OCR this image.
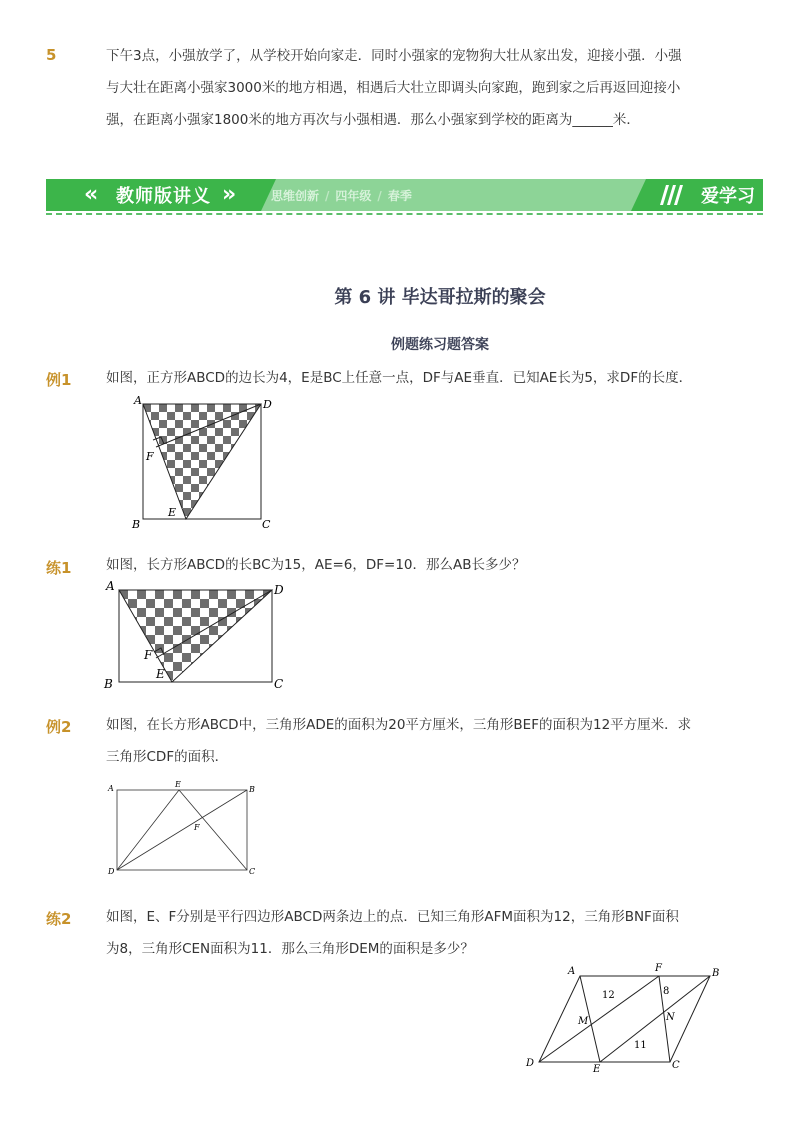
5	下午3点，小强放学了，从学校开始向家走．同时小强家的宠物狗大壮从家出发，迎接小强．小强
与大壮在距离小强家3000米的地方相遇，相遇后大壮立即调头向家跑，跑到家之后再返回迎接小
强，在距离小强家1800米的地方再次与小强相遇．那么小强家到学校的距离为______米．
« 教师版讲义 »	思维创新 / 四年级 / 春季	爱学习
第 6 讲 毕达哥拉斯的聚会
例题练习题答案
例1	如图，正方形ABCD的边长为4，E是BC上任意一点，DF与AE垂直．已知AE长为5，求DF的长度．
A	D
F
B
E
C
练1	如图，长方形ABCD的长BC为15，AE=6，DF=10．那么AB长多少？
A	D
F
E
B	C
例2	如图，在长方形ABCD中，三角形ADE的面积为20平方厘米，三角形BEF的面积为12平方厘米．求
三角形CDF的面积．
A	E
B
F
D	C
练2	如图，E、F分别是平行四边形ABCD两条边上的点．已知三角形AFM面积为12，三角形BNF面积
为8，三角形CEN面积为11．那么三角形DEM的面积是多少？
A	F	B
M	N
D
E	C
12	8
11
